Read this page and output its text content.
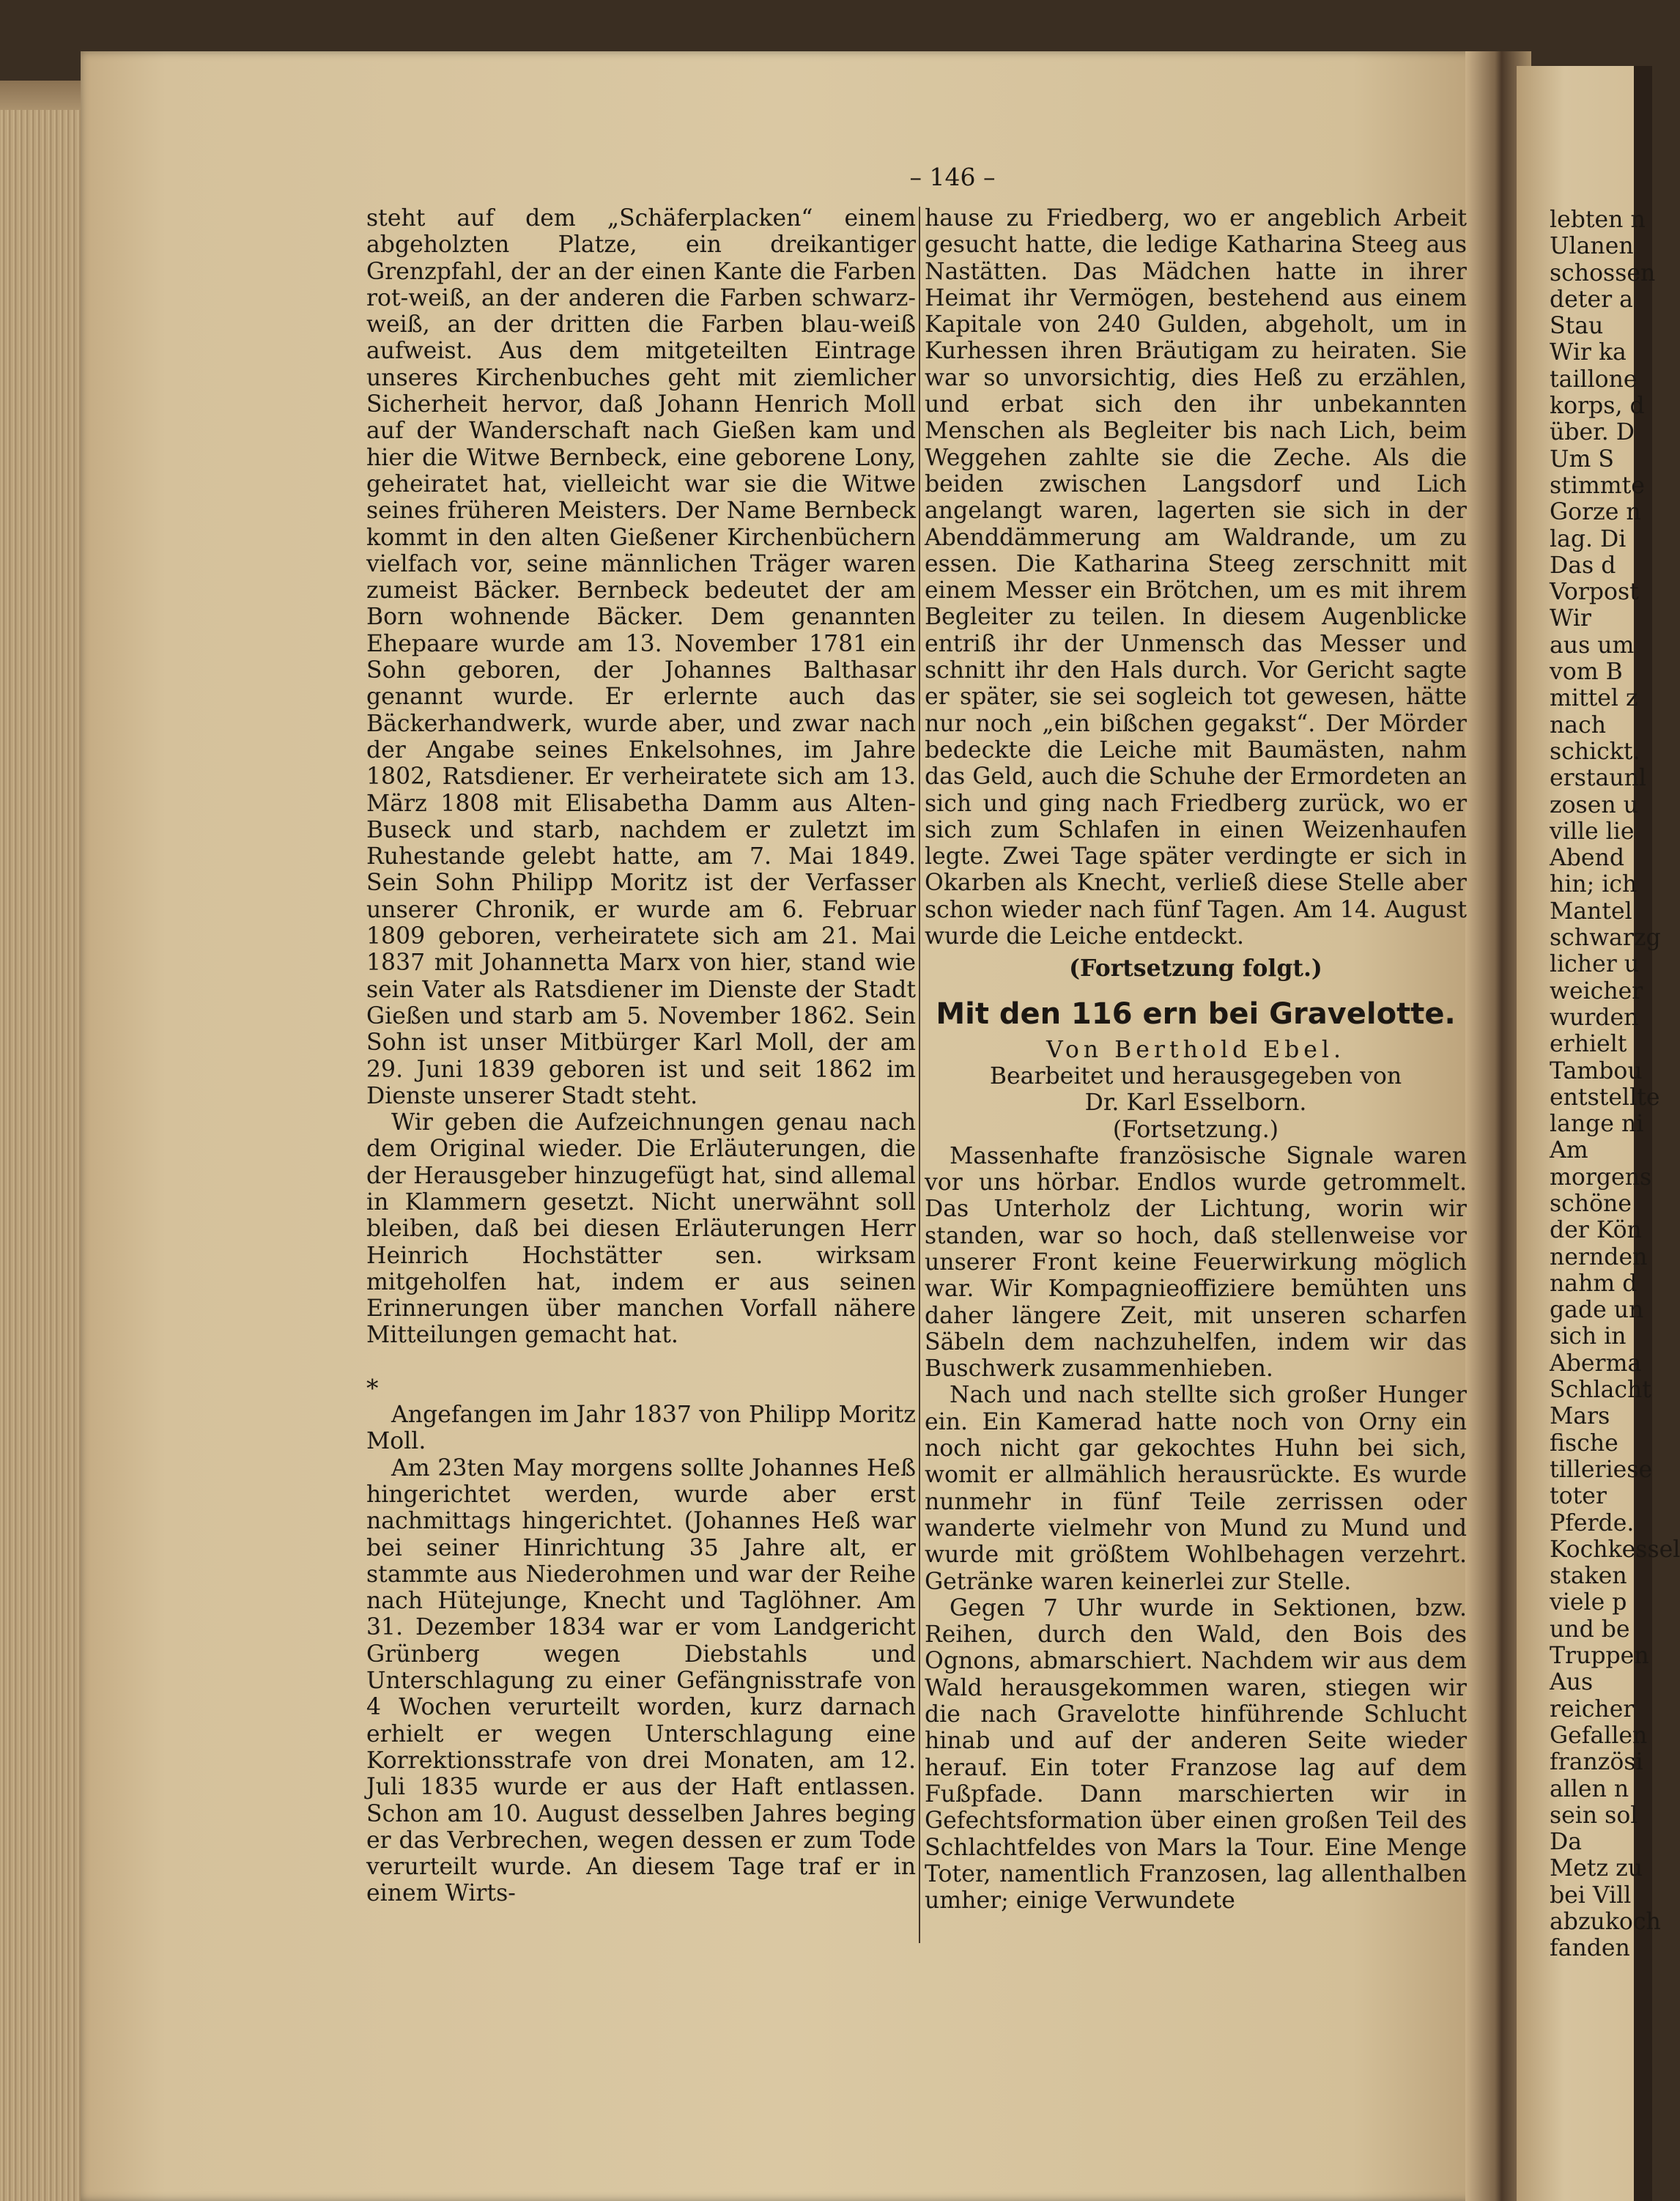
– 146 –

steht auf dem „Schäferplacken“ einem abgeholzten Platze, ein dreikantiger Grenzpfahl, der an der einen Kante die Farben rot-weiß, an der anderen die Farben schwarz-weiß, an der dritten die Farben blau-weiß aufweist. Aus dem mitgeteilten Eintrage unseres Kirchenbuches geht mit ziemlicher Sicherheit hervor, daß Johann Henrich Moll auf der Wanderschaft nach Gießen kam und hier die Witwe Bernbeck, eine geborene Lony, geheiratet hat, vielleicht war sie die Witwe seines früheren Meisters. Der Name Bernbeck kommt in den alten Gießener Kirchenbüchern vielfach vor, seine männlichen Träger waren zumeist Bäcker. Bernbeck bedeutet der am Born wohnende Bäcker. Dem genannten Ehepaare wurde am 13. November 1781 ein Sohn geboren, der Johannes Balthasar genannt wurde. Er erlernte auch das Bäckerhandwerk, wurde aber, und zwar nach der Angabe seines Enkelsohnes, im Jahre 1802, Ratsdiener. Er verheiratete sich am 13. März 1808 mit Elisabetha Damm aus Alten-Buseck und starb, nachdem er zuletzt im Ruhestande gelebt hatte, am 7. Mai 1849. Sein Sohn Philipp Moritz ist der Verfasser unserer Chronik, er wurde am 6. Februar 1809 geboren, verheiratete sich am 21. Mai 1837 mit Johannetta Marx von hier, stand wie sein Vater als Ratsdiener im Dienste der Stadt Gießen und starb am 5. November 1862. Sein Sohn ist unser Mitbürger Karl Moll, der am 29. Juni 1839 geboren ist und seit 1862 im Dienste unserer Stadt steht.

Wir geben die Aufzeichnungen genau nach dem Original wieder. Die Erläuterungen, die der Herausgeber hinzugefügt hat, sind allemal in Klammern gesetzt. Nicht unerwähnt soll bleiben, daß bei diesen Erläuterungen Herr Heinrich Hochstätter sen. wirksam mitgeholfen hat, indem er aus seinen Erinnerungen über manchen Vorfall nähere Mitteilungen gemacht hat.

*

Angefangen im Jahr 1837 von Philipp Moritz Moll.

Am 23ten May morgens sollte Johannes Heß hingerichtet werden, wurde aber erst nachmittags hingerichtet. (Johannes Heß war bei seiner Hinrichtung 35 Jahre alt, er stammte aus Niederohmen und war der Reihe nach Hütejunge, Knecht und Taglöhner. Am 31. Dezember 1834 war er vom Landgericht Grünberg wegen Diebstahls und Unterschlagung zu einer Gefängnisstrafe von 4 Wochen verurteilt worden, kurz darnach erhielt er wegen Unterschlagung eine Korrektionsstrafe von drei Monaten, am 12. Juli 1835 wurde er aus der Haft entlassen. Schon am 10. August desselben Jahres beging er das Verbrechen, wegen dessen er zum Tode verurteilt wurde. An diesem Tage traf er in einem Wirts-

hause zu Friedberg, wo er angeblich Arbeit gesucht hatte, die ledige Katharina Steeg aus Nastätten. Das Mädchen hatte in ihrer Heimat ihr Vermögen, bestehend aus einem Kapitale von 240 Gulden, abgeholt, um in Kurhessen ihren Bräutigam zu heiraten. Sie war so unvorsichtig, dies Heß zu erzählen, und erbat sich den ihr unbekannten Menschen als Begleiter bis nach Lich, beim Weggehen zahlte sie die Zeche. Als die beiden zwischen Langsdorf und Lich angelangt waren, lagerten sie sich in der Abenddämmerung am Waldrande, um zu essen. Die Katharina Steeg zerschnitt mit einem Messer ein Brötchen, um es mit ihrem Begleiter zu teilen. In diesem Augenblicke entriß ihr der Unmensch das Messer und schnitt ihr den Hals durch. Vor Gericht sagte er später, sie sei sogleich tot gewesen, hätte nur noch „ein bißchen gegakst“. Der Mörder bedeckte die Leiche mit Baumästen, nahm das Geld, auch die Schuhe der Ermordeten an sich und ging nach Friedberg zurück, wo er sich zum Schlafen in einen Weizenhaufen legte. Zwei Tage später verdingte er sich in Okarben als Knecht, verließ diese Stelle aber schon wieder nach fünf Tagen. Am 14. August wurde die Leiche entdeckt.

(Fortsetzung folgt.)

Mit den 116 ern bei Gravelotte.

Von Berthold Ebel.

Bearbeitet und herausgegeben von

Dr. Karl Esselborn.

(Fortsetzung.)

Massenhafte französische Signale waren vor uns hörbar. Endlos wurde getrommelt. Das Unterholz der Lichtung, worin wir standen, war so hoch, daß stellenweise vor unserer Front keine Feuerwirkung möglich war. Wir Kompagnieoffiziere bemühten uns daher längere Zeit, mit unseren scharfen Säbeln dem nachzuhelfen, indem wir das Buschwerk zusammenhieben.

Nach und nach stellte sich großer Hunger ein. Ein Kamerad hatte noch von Orny ein noch nicht gar gekochtes Huhn bei sich, womit er allmählich herausrückte. Es wurde nunmehr in fünf Teile zerrissen oder wanderte vielmehr von Mund zu Mund und wurde mit größtem Wohlbehagen verzehrt. Getränke waren keinerlei zur Stelle.

Gegen 7 Uhr wurde in Sektionen, bzw. Reihen, durch den Wald, den Bois des Ognons, abmarschiert. Nachdem wir aus dem Wald herausgekommen waren, stiegen wir die nach Gravelotte hinführende Schlucht hinab und auf der anderen Seite wieder herauf. Ein toter Franzose lag auf dem Fußpfade. Dann marschierten wir in Gefechtsformation über einen großen Teil des Schlachtfeldes von Mars la Tour. Eine Menge Toter, namentlich Franzosen, lag allenthalben umher; einige Verwundete

lebten n
Ulanen
schossen
deter a
Stau
Wir ka
taillone
korps, d
über. D
Um S
stimmte
Gorze n
lag. Di
Das d
Vorpost
Wir
aus um
vom B
mittel z
nach
schickt.
erstaunl
zosen u
ville lie
Abend
hin; ich
Mantel
schwarzg
licher u
weicher
wurden
erhielt
Tambou
entstellte
lange ni
Am
morgens
schöne
der Kön
nernden
nahm d
gade un
sich in
Aberma
Schlacht
Mars
fische
tilleriese
toter
Pferde.
Kochkessel
staken
viele p
und be
Truppen
Aus
reicher
Gefallen
französi
allen n
sein sol
Da
Metz zu
bei Vill
abzukoch
fanden
